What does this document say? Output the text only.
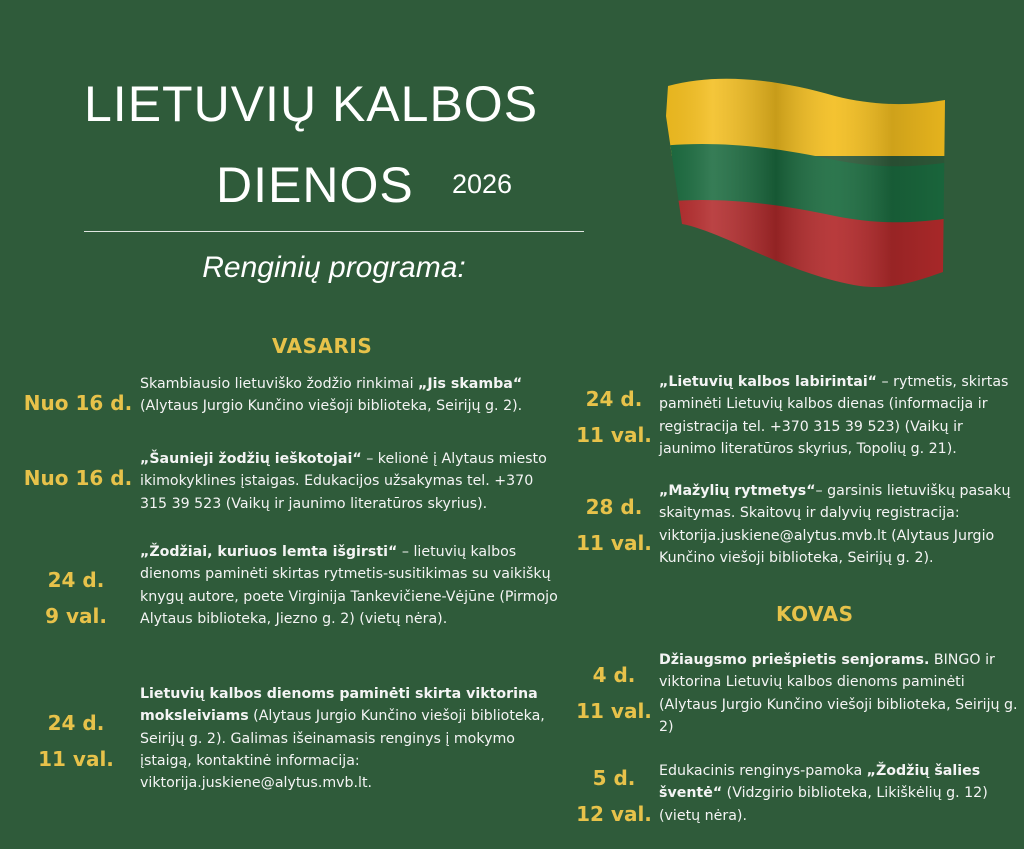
LIETUVIŲ KALBOS
DIENOS	2026
Renginių programa:
VASARIS
KOVAS
Nuo 16 d.
Skambiausio lietuviško žodžio rinkimai „Jis skamba“ (Alytaus Jurgio Kunčino viešoji biblioteka, Seirijų g. 2).
Nuo 16 d.
„Šaunieji žodžių ieškotojai“ – kelionė į Alytaus miesto ikimokyklines įstaigas. Edukacijos užsakymas tel. +370 315 39 523 (Vaikų ir jaunimo literatūros skyrius).
24 d.
9 val.
„Žodžiai, kuriuos lemta išgirsti“ – lietuvių kalbos dienoms paminėti skirtas rytmetis-susitikimas su vaikiškų knygų autore, poete Virginija Tankevičiene-Vėjūne (Pirmojo Alytaus biblioteka, Jiezno g. 2) (vietų nėra).
24 d.
11 val.
Lietuvių kalbos dienoms paminėti skirta viktorina moksleiviams (Alytaus Jurgio Kunčino viešoji biblioteka, Seirijų g. 2). Galimas išeinamasis renginys į mokymo įstaigą, kontaktinė informacija: viktorija.juskiene@alytus.mvb.lt.
24 d.
11 val.
„Lietuvių kalbos labirintai“ – rytmetis, skirtas paminėti Lietuvių kalbos dienas (informacija ir registracija tel. +370 315 39 523) (Vaikų ir jaunimo literatūros skyrius, Topolių g. 21).
28 d.
11 val.
„Mažylių rytmetys“– garsinis lietuviškų pasakų skaitymas. Skaitovų ir dalyvių registracija: viktorija.juskiene@alytus.mvb.lt (Alytaus Jurgio Kunčino viešoji biblioteka, Seirijų g. 2).
4 d.
11 val.
Džiaugsmo priešpietis senjorams. BINGO ir viktorina Lietuvių kalbos dienoms paminėti (Alytaus Jurgio Kunčino viešoji biblioteka, Seirijų g. 2)
5 d.
12 val.
Edukacinis renginys-pamoka „Žodžių šalies šventė“ (Vidzgirio biblioteka, Likiškėlių g. 12) (vietų nėra).
